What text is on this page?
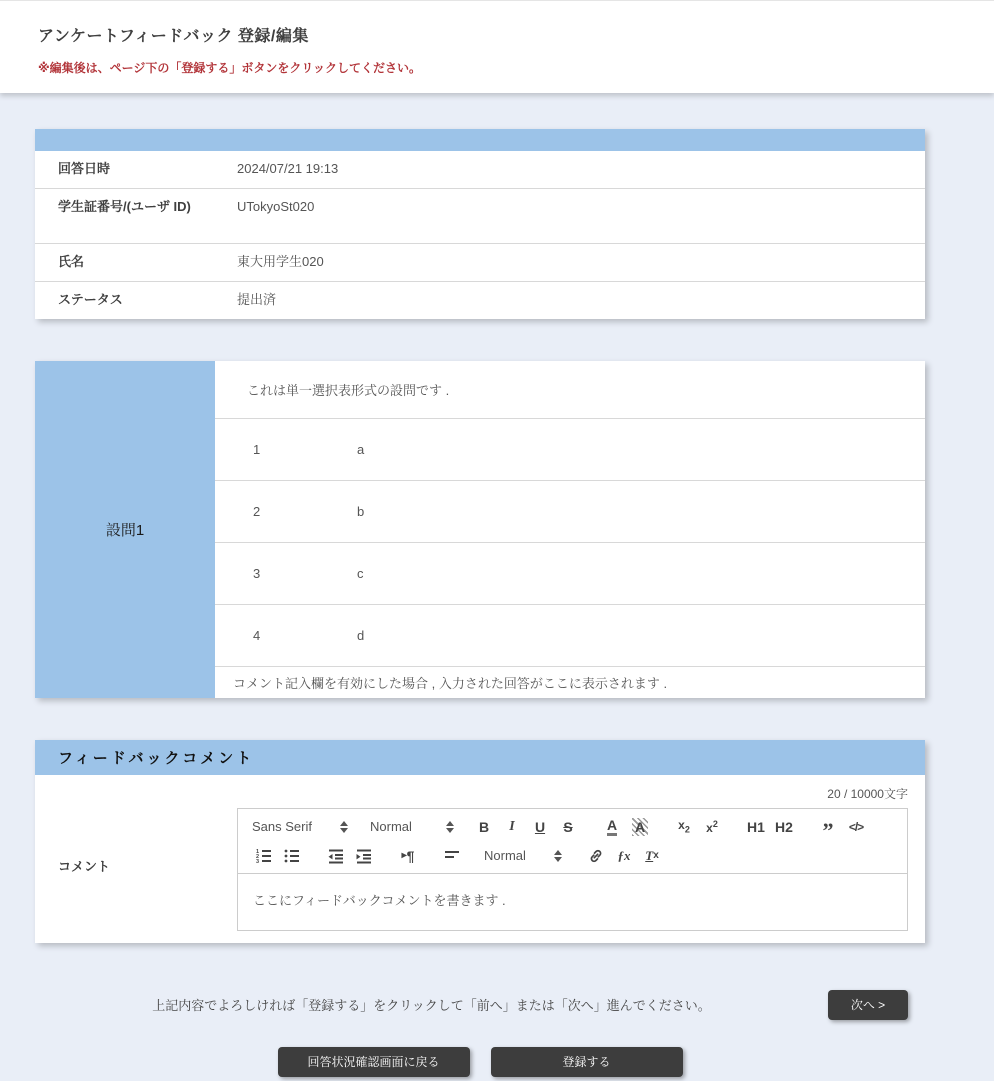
アンケートフィードバック 登録/編集
※編集後は、ページ下の「登録する」ボタンをクリックしてください。
回答日時	2024/07/21 19:13
学生証番号/(ユーザ ID)	UTokyoSt020
氏名	東大用学生020
ステータス	提出済
設問1
これは単一選択表形式の設問です .
1	a
2	b
3	c
4	d
コメント記入欄を有効にした場合 , 入力された回答がここに表示されます .
フィードバックコメント
20 / 10000文字
コメント
Sans Serif	Normal	B	I	U	S	A A	$x_2$ $x^2$ H1 H2 ”	</>
1
2
3
▸ ¶	Normal	ƒx	T x
ここにフィードバックコメントを書きます .
上記内容でよろしければ「登録する」をクリックして「前へ」または「次へ」進んでください。	次へ >
回答状況確認画面に戻る	登録する
